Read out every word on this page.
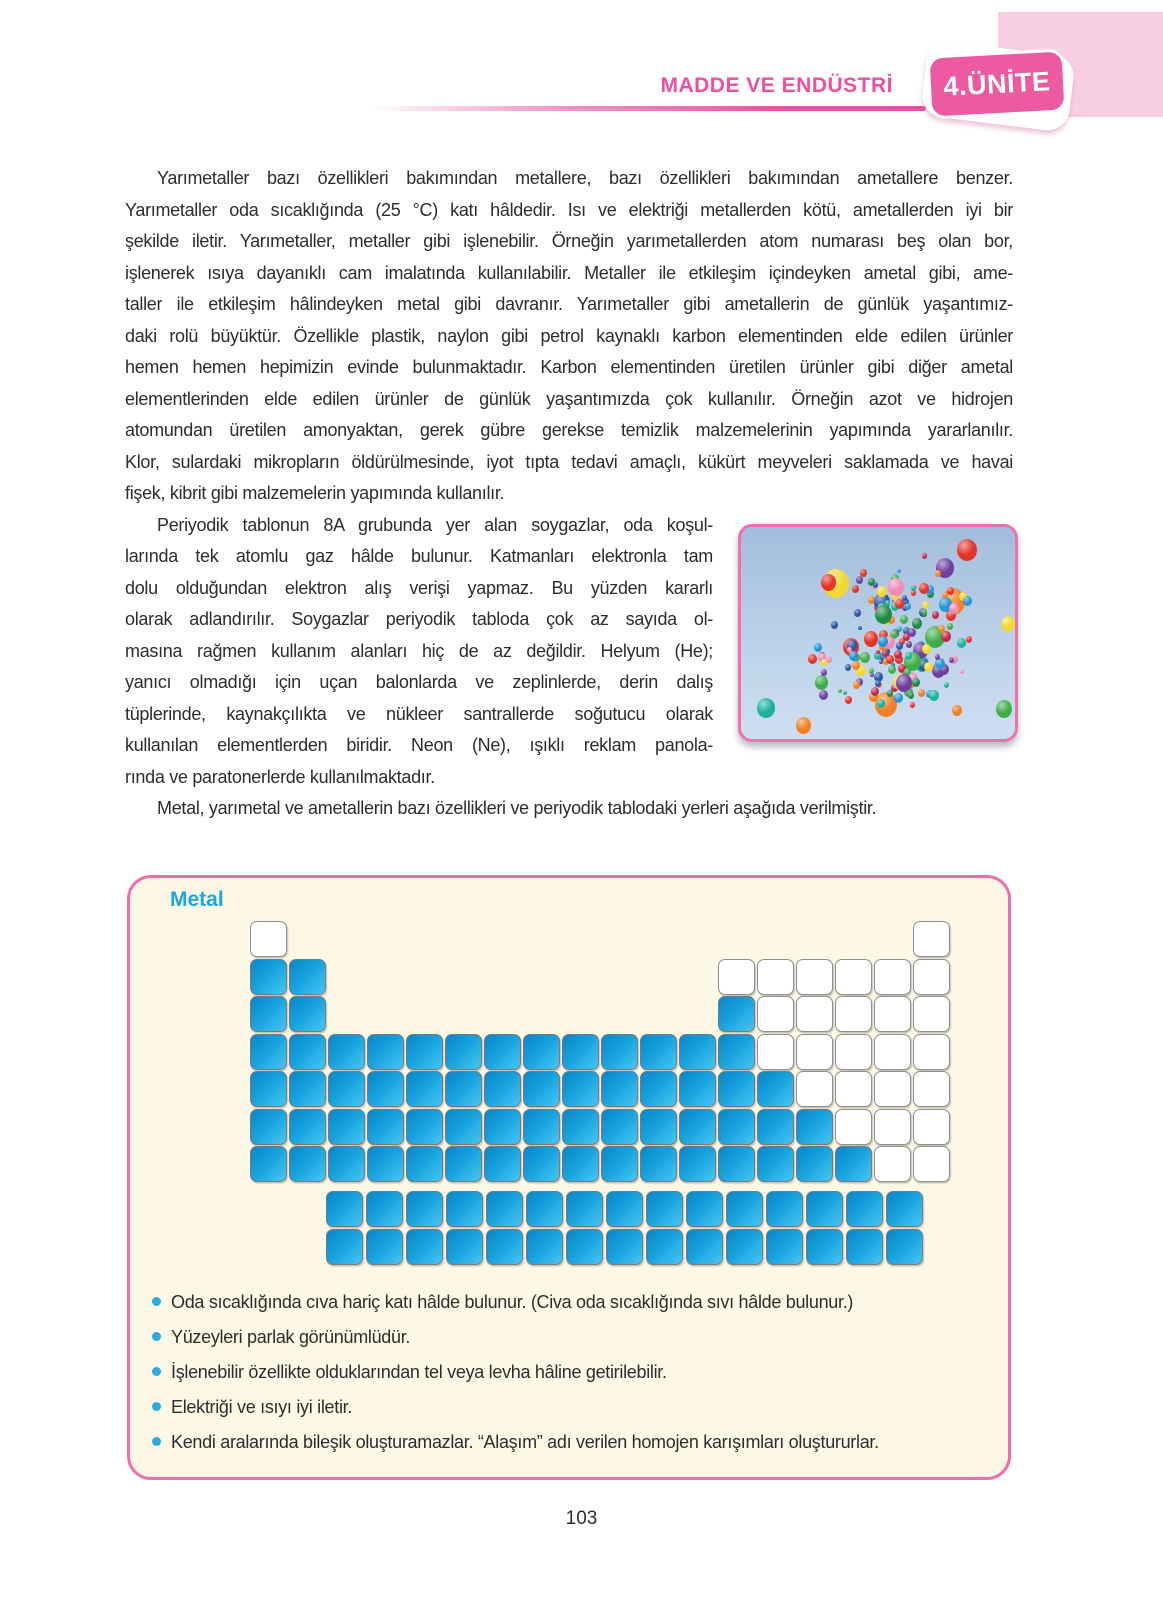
MADDE VE ENDÜSTRİ 4.ÜNİTE
Yarımetaller bazı özellikleri bakımından metallere, bazı özellikleri bakımından ametallere benzer.
Yarımetaller oda sıcaklığında (25 °C) katı hâldedir. Isı ve elektriği metallerden kötü, ametallerden iyi bir
şekilde iletir. Yarımetaller, metaller gibi işlenebilir. Örneğin yarımetallerden atom numarası beş olan bor,
işlenerek ısıya dayanıklı cam imalatında kullanılabilir. Metaller ile etkileşim içindeyken ametal gibi, ame-
taller ile etkileşim hâlindeyken metal gibi davranır. Yarımetaller gibi ametallerin de günlük yaşantımız-
daki rolü büyüktür. Özellikle plastik, naylon gibi petrol kaynaklı karbon elementinden elde edilen ürünler
hemen hemen hepimizin evinde bulunmaktadır. Karbon elementinden üretilen ürünler gibi diğer ametal
elementlerinden elde edilen ürünler de günlük yaşantımızda çok kullanılır. Örneğin azot ve hidrojen
atomundan üretilen amonyaktan, gerek gübre gerekse temizlik malzemelerinin yapımında yararlanılır.
Klor, sulardaki mikropların öldürülmesinde, iyot tıpta tedavi amaçlı, kükürt meyveleri saklamada ve havai
fişek, kibrit gibi malzemelerin yapımında kullanılır.
Periyodik tablonun 8A grubunda yer alan soygazlar, oda koşul-
larında tek atomlu gaz hâlde bulunur. Katmanları elektronla tam
dolu olduğundan elektron alış verişi yapmaz. Bu yüzden kararlı
olarak adlandırılır. Soygazlar periyodik tabloda çok az sayıda ol-
masına rağmen kullanım alanları hiç de az değildir. Helyum (He);
yanıcı olmadığı için uçan balonlarda ve zeplinlerde, derin dalış
tüplerinde, kaynakçılıkta ve nükleer santrallerde soğutucu olarak
kullanılan elementlerden biridir. Neon (Ne), ışıklı reklam panola-
rında ve paratonerlerde kullanılmaktadır.
Metal, yarımetal ve ametallerin bazı özellikleri ve periyodik tablodaki yerleri aşağıda verilmiştir.
Metal
Oda sıcaklığında cıva hariç katı hâlde bulunur. (Civa oda sıcaklığında sıvı hâlde bulunur.)
Yüzeyleri parlak görünümlüdür.
İşlenebilir özellikte olduklarından tel veya levha hâline getirilebilir.
Elektriği ve ısıyı iyi iletir.
Kendi aralarında bileşik oluşturamazlar. “Alaşım” adı verilen homojen karışımları oluştururlar.
103
